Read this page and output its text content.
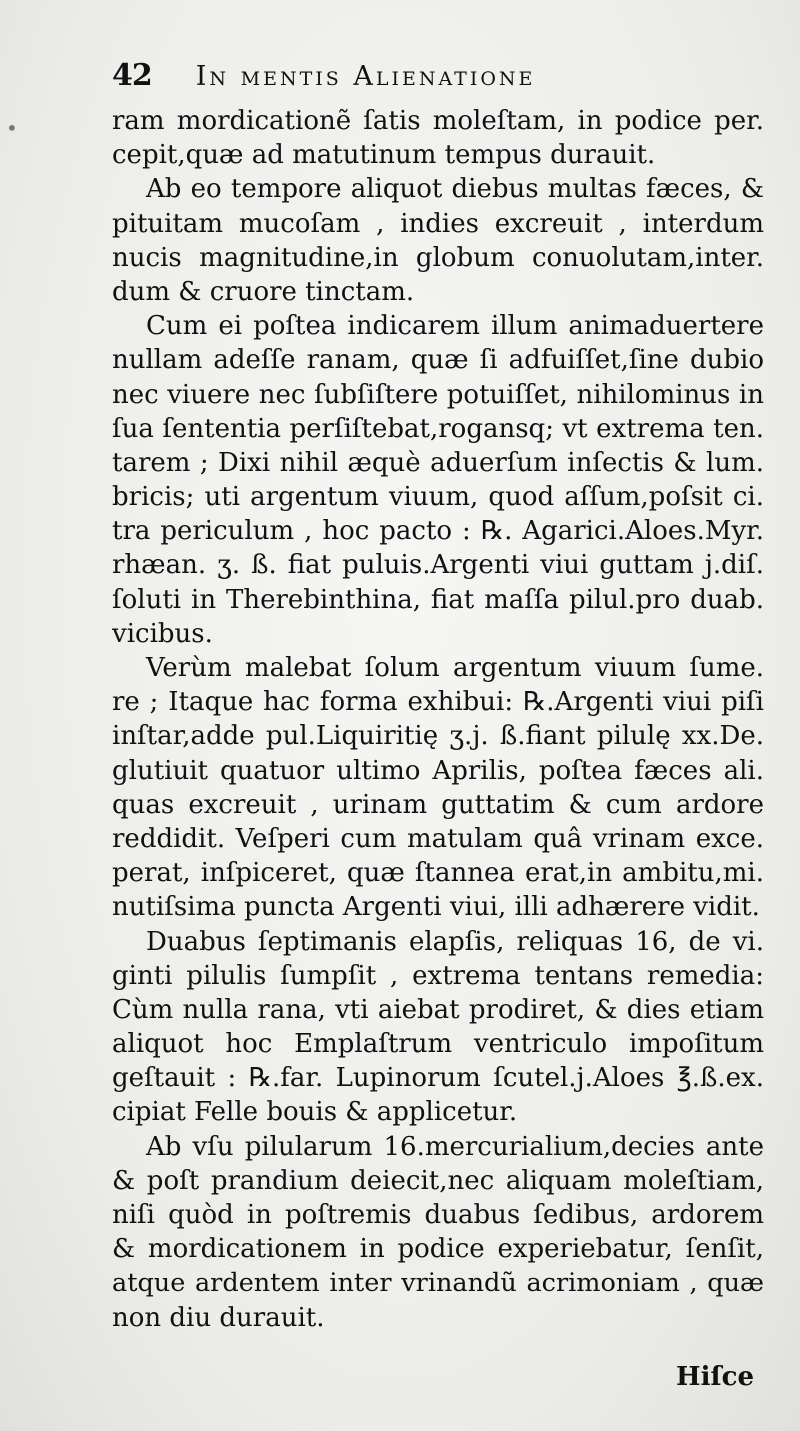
42 In mentis Alienatione
ram mordicationẽ ſatis moleſtam, in podice per.
cepit,quæ ad matutinum tempus durauit.
Ab eo tempore aliquot diebus multas fæces, &
pituitam mucoſam , indies excreuit , interdum
nucis magnitudine,in globum conuolutam,inter.
dum & cruore tinctam.
Cum ei poſtea indicarem illum animaduertere
nullam adeſſe ranam, quæ ſi adfuiſſet,ſine dubio
nec viuere nec ſubſiſtere potuiſſet, nihilominus in
ſua ſententia perſiſtebat,rogansq; vt extrema ten.
tarem ; Dixi nihil æquè aduerſum inſectis & lum.
bricis; uti argentum viuum, quod aſſum,poſsit ci.
tra periculum , hoc pacto : ℞. Agarici.Aloes.Myr.
rhæan. ʒ. ß. fiat puluis.Argenti viui guttam j.diſ.
ſoluti in Therebinthina, fiat maſſa pilul.pro duab.
vicibus.
Verùm malebat ſolum argentum viuum ſume.
re ; Itaque hac forma exhibui: ℞.Argenti viui piſi
inſtar,adde pul.Liquiritię ʒ.j. ß.fiant pilulę xx.De.
glutiuit quatuor ultimo Aprilis, poſtea fæces ali.
quas excreuit , urinam guttatim & cum ardore
reddidit. Veſperi cum matulam quâ vrinam exce.
perat, inſpiceret, quæ ſtannea erat,in ambitu,mi.
nutiſsima puncta Argenti viui, illi adhærere vidit.
Duabus ſeptimanis elapſis, reliquas 16, de vi.
ginti pilulis ſumpſit , extrema tentans remedia:
Cùm nulla rana, vti aiebat prodiret, & dies etiam
aliquot hoc Emplaſtrum ventriculo impoſitum
geſtauit : ℞.far. Lupinorum ſcutel.j.Aloes ℥.ß.ex.
cipiat Felle bouis & applicetur.
Ab vſu pilularum 16.mercurialium,decies ante
& poſt prandium deiecit,nec aliquam moleſtiam,
niſi quòd in poſtremis duabus ſedibus, ardorem
& mordicationem in podice experiebatur, ſenſit,
atque ardentem inter vrinandũ acrimoniam , quæ
non diu durauit.
•
Hiſce
